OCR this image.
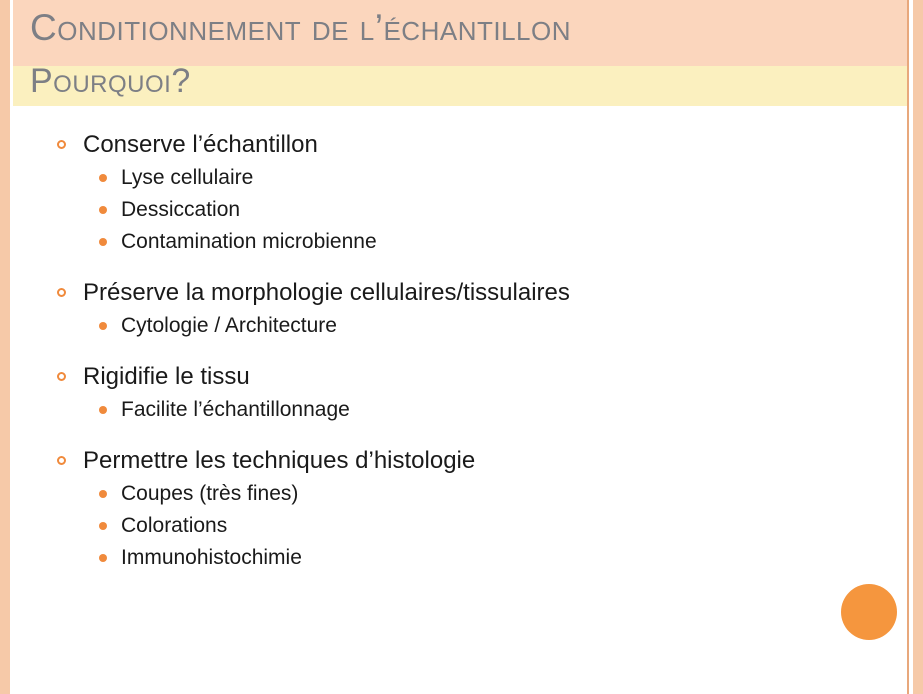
Conditionnement de l’échantillon
Pourquoi?
Conserve l’échantillon
Lyse cellulaire
Dessiccation
Contamination microbienne
Préserve la morphologie cellulaires/tissulaires
Cytologie / Architecture
Rigidifie le tissu
Facilite l’échantillonnage
Permettre les techniques d’histologie
Coupes (très fines)
Colorations
Immunohistochimie
